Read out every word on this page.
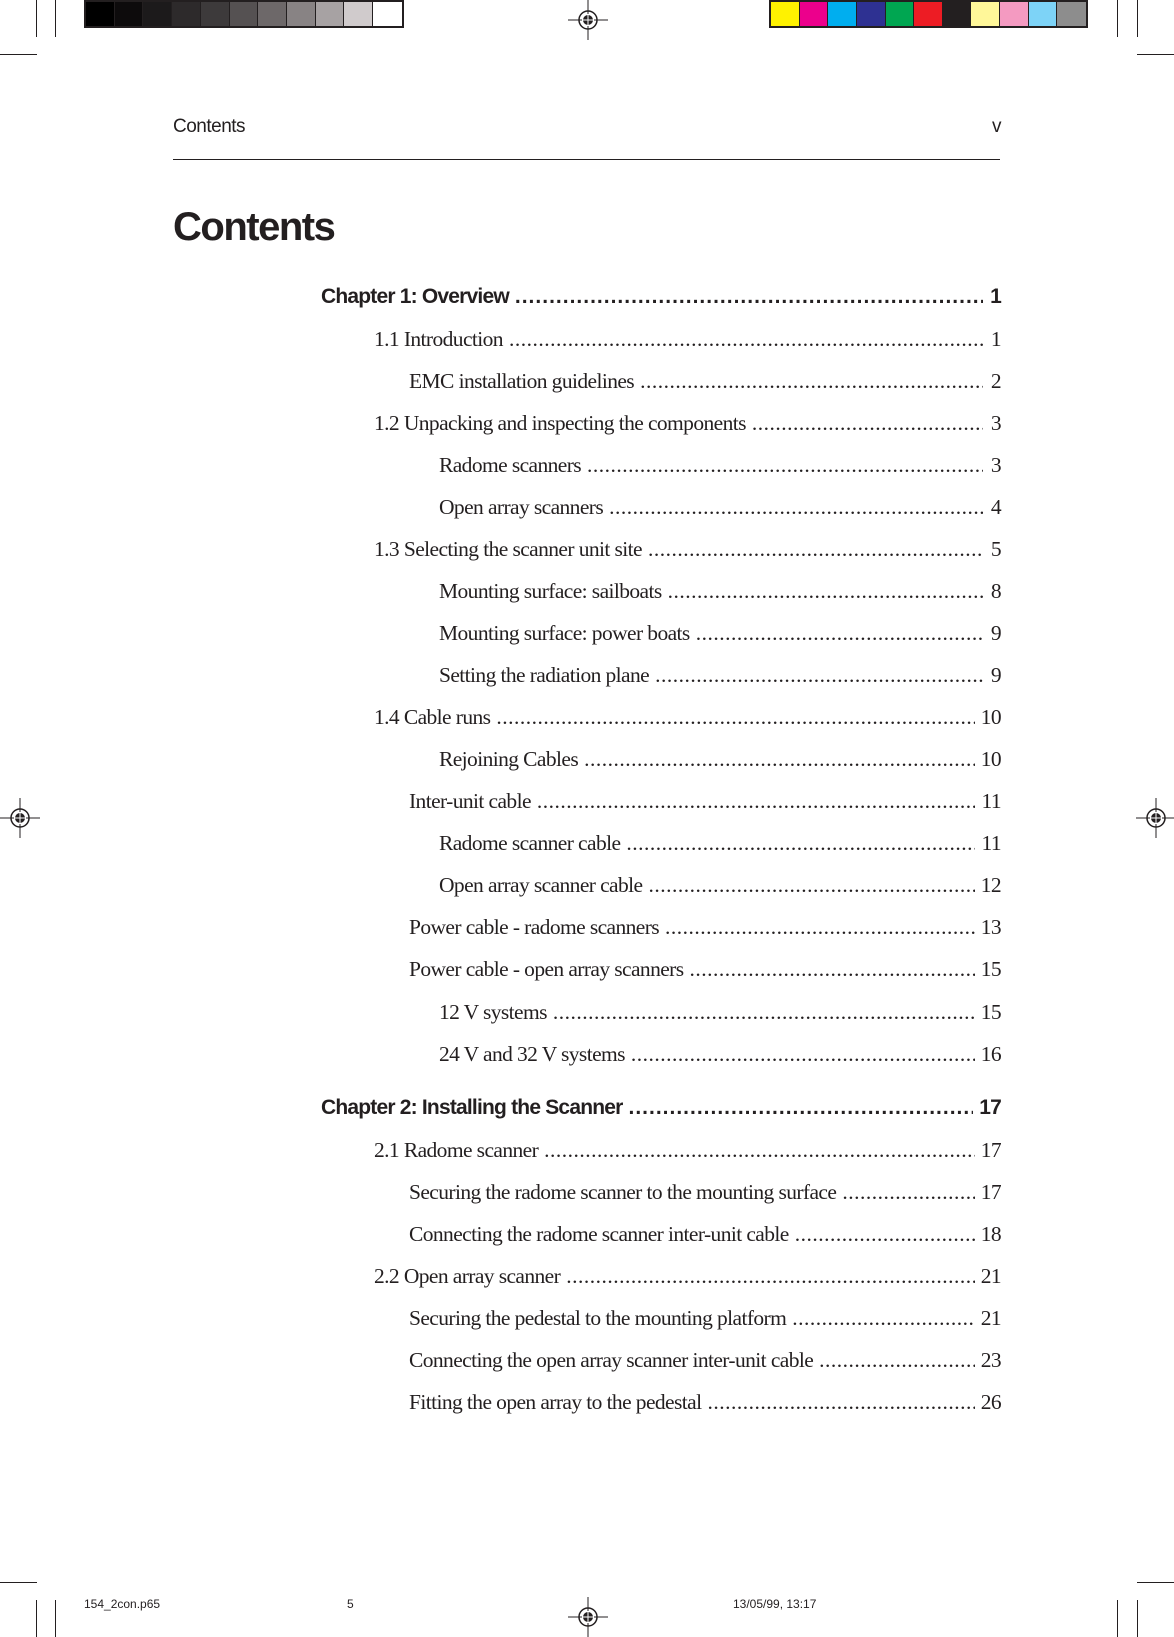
Contents	v
Contents
Chapter 1: Overview .....	1
1.1 Introduction .....	1
EMC installation guidelines .....	2
1.2 Unpacking and inspecting the components .....	3
Radome scanners .....	3
Open array scanners .....	4
1.3 Selecting the scanner unit site .....	5
Mounting surface: sailboats .....	8
Mounting surface: power boats .....	9
Setting the radiation plane .....	9
1.4 Cable runs .....	10
Rejoining Cables .....	10
Inter-unit cable .....	11
Radome scanner cable .....	11
Open array scanner cable .....	12
Power cable - radome scanners .....	13
Power cable - open array scanners .....	15
12 V systems .....	15
24 V and 32 V systems .....	16
Chapter 2: Installing the Scanner .....	17
2.1 Radome scanner .....	17
Securing the radome scanner to the mounting surface .....	17
Connecting the radome scanner inter-unit cable .....	18
2.2 Open array scanner .....	21
Securing the pedestal to the mounting platform .....	21
Connecting the open array scanner inter-unit cable .....	23
Fitting the open array to the pedestal .....	26
154_2con.p65	5	13/05/99, 13:17
